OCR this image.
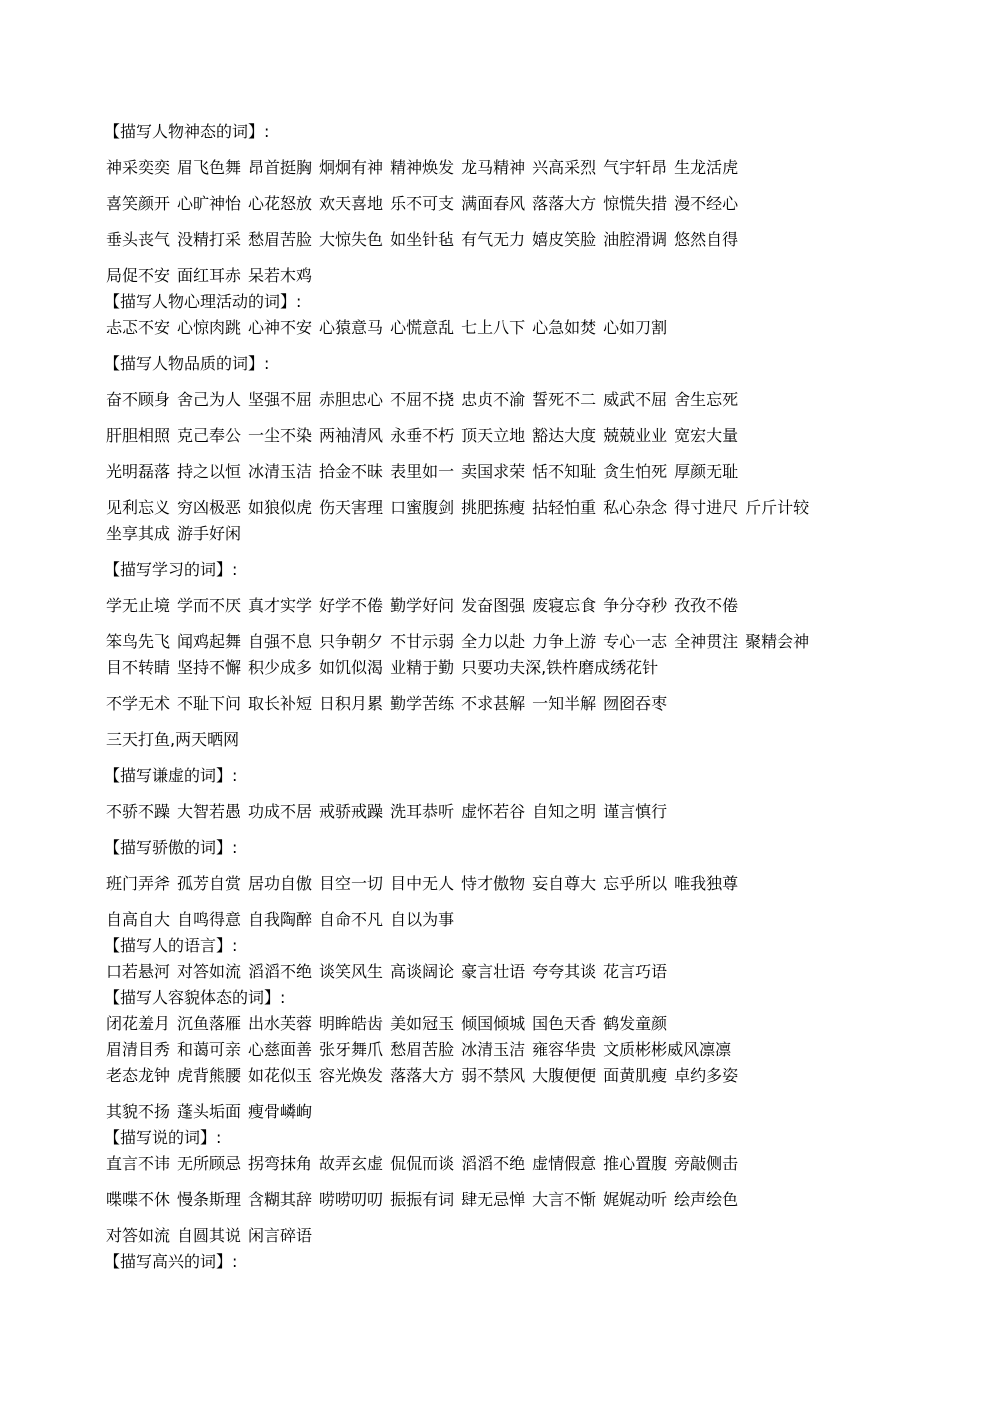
【描写人物神态的词】:
神采奕奕 眉飞色舞 昂首挺胸 炯炯有神 精神焕发 龙马精神 兴高采烈 气宇轩昂 生龙活虎
喜笑颜开 心旷神怡 心花怒放 欢天喜地 乐不可支 满面春风 落落大方 惊慌失措 漫不经心
垂头丧气 没精打采 愁眉苦脸 大惊失色 如坐针毡 有气无力 嬉皮笑脸 油腔滑调 悠然自得
局促不安 面红耳赤 呆若木鸡
【描写人物心理活动的词】:
忐忑不安 心惊肉跳 心神不安 心猿意马 心慌意乱 七上八下 心急如焚 心如刀割
【描写人物品质的词】:
奋不顾身 舍己为人 坚强不屈 赤胆忠心 不屈不挠 忠贞不渝 誓死不二 威武不屈 舍生忘死
肝胆相照 克己奉公 一尘不染 两袖清风 永垂不朽 顶天立地 豁达大度 兢兢业业 宽宏大量
光明磊落 持之以恒 冰清玉洁 拾金不昧 表里如一 卖国求荣 恬不知耻 贪生怕死 厚颜无耻
见利忘义 穷凶极恶 如狼似虎 伤天害理 口蜜腹剑 挑肥拣瘦 拈轻怕重 私心杂念 得寸进尺 斤斤计较
坐享其成 游手好闲
【描写学习的词】:
学无止境 学而不厌 真才实学 好学不倦 勤学好问 发奋图强 废寝忘食 争分夺秒 孜孜不倦
笨鸟先飞 闻鸡起舞 自强不息 只争朝夕 不甘示弱 全力以赴 力争上游 专心一志 全神贯注 聚精会神
目不转睛 坚持不懈 积少成多 如饥似渴 业精于勤 只要功夫深,铁杵磨成绣花针
不学无术 不耻下问 取长补短 日积月累 勤学苦练 不求甚解 一知半解 囫囵吞枣
三天打鱼,两天晒网
【描写谦虚的词】:
不骄不躁 大智若愚 功成不居 戒骄戒躁 洗耳恭听 虚怀若谷 自知之明 谨言慎行
【描写骄傲的词】:
班门弄斧 孤芳自赏 居功自傲 目空一切 目中无人 恃才傲物 妄自尊大 忘乎所以 唯我独尊
自高自大 自鸣得意 自我陶醉 自命不凡 自以为事
【描写人的语言】:
口若悬河 对答如流 滔滔不绝 谈笑风生 高谈阔论 豪言壮语 夸夸其谈 花言巧语
【描写人容貌体态的词】:
闭花羞月 沉鱼落雁 出水芙蓉 明眸皓齿 美如冠玉 倾国倾城 国色天香 鹤发童颜
眉清目秀 和蔼可亲 心慈面善 张牙舞爪 愁眉苦脸 冰清玉洁 雍容华贵 文质彬彬威风凛凛
老态龙钟 虎背熊腰 如花似玉 容光焕发 落落大方 弱不禁风 大腹便便 面黄肌瘦 卓约多姿
其貌不扬 蓬头垢面 瘦骨嶙峋
【描写说的词】:
直言不讳 无所顾忌 拐弯抹角 故弄玄虚 侃侃而谈 滔滔不绝 虚情假意 推心置腹 旁敲侧击
喋喋不休 慢条斯理 含糊其辞 唠唠叨叨 振振有词 肆无忌惮 大言不惭 娓娓动听 绘声绘色
对答如流 自圆其说 闲言碎语
【描写高兴的词】:
